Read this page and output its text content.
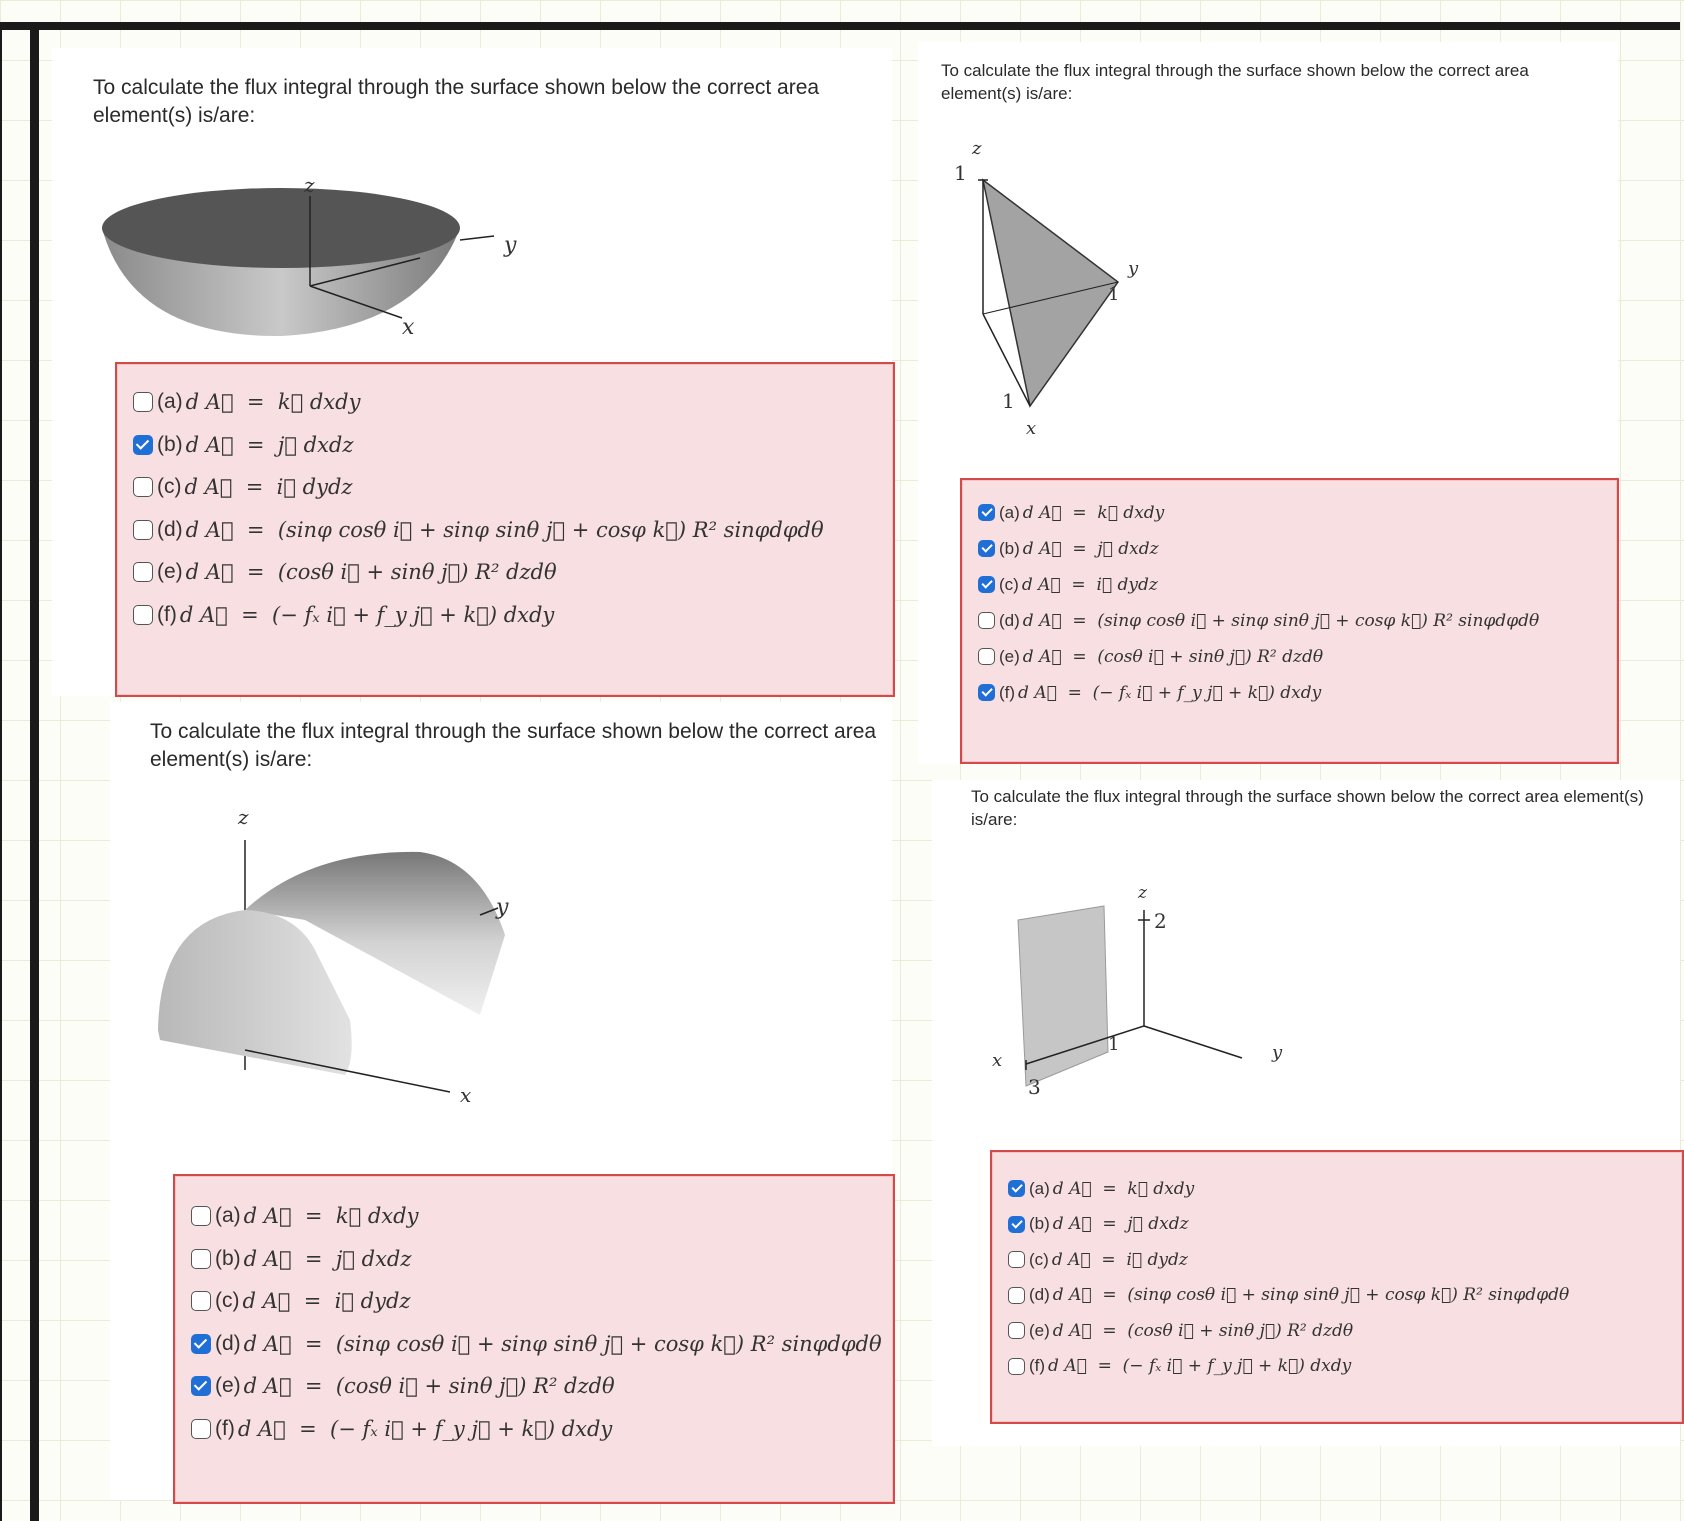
To calculate the flux integral through the surface shown below the correct area element(s) is/are:
z
y
x
(a) d A⃗  =  k⃗ dxdy
(b) d A⃗  =  j⃗ dxdz
(c) d A⃗  =  i⃗ dydz
(d) d A⃗  =  (sinφ cosθ i⃗ + sinφ sinθ j⃗ + cosφ k⃗) R² sinφdφdθ
(e) d A⃗  =  (cosθ i⃗ + sinθ j⃗) R² dzdθ
(f) d A⃗  =  (− fₓ i⃗ + f_y j⃗ + k⃗) dxdy
To calculate the flux integral through the surface shown below the correct area element(s) is/are:
z
1
y
1
1
x
(a) d A⃗  =  k⃗ dxdy
(b) d A⃗  =  j⃗ dxdz
(c) d A⃗  =  i⃗ dydz
(d) d A⃗  =  (sinφ cosθ i⃗ + sinφ sinθ j⃗ + cosφ k⃗) R² sinφdφdθ
(e) d A⃗  =  (cosθ i⃗ + sinθ j⃗) R² dzdθ
(f) d A⃗  =  (− fₓ i⃗ + f_y j⃗ + k⃗) dxdy
To calculate the flux integral through the surface shown below the correct area element(s) is/are:
z
y
x
(a) d A⃗  =  k⃗ dxdy
(b) d A⃗  =  j⃗ dxdz
(c) d A⃗  =  i⃗ dydz
(d) d A⃗  =  (sinφ cosθ i⃗ + sinφ sinθ j⃗ + cosφ k⃗) R² sinφdφdθ
(e) d A⃗  =  (cosθ i⃗ + sinθ j⃗) R² dzdθ
(f) d A⃗  =  (− fₓ i⃗ + f_y j⃗ + k⃗) dxdy
To calculate the flux integral through the surface shown below the correct area element(s) is/are:
z
2
1	y
x
3
(a) d A⃗  =  k⃗ dxdy
(b) d A⃗  =  j⃗ dxdz
(c) d A⃗  =  i⃗ dydz
(d) d A⃗  =  (sinφ cosθ i⃗ + sinφ sinθ j⃗ + cosφ k⃗) R² sinφdφdθ
(e) d A⃗  =  (cosθ i⃗ + sinθ j⃗) R² dzdθ
(f) d A⃗  =  (− fₓ i⃗ + f_y j⃗ + k⃗) dxdy
